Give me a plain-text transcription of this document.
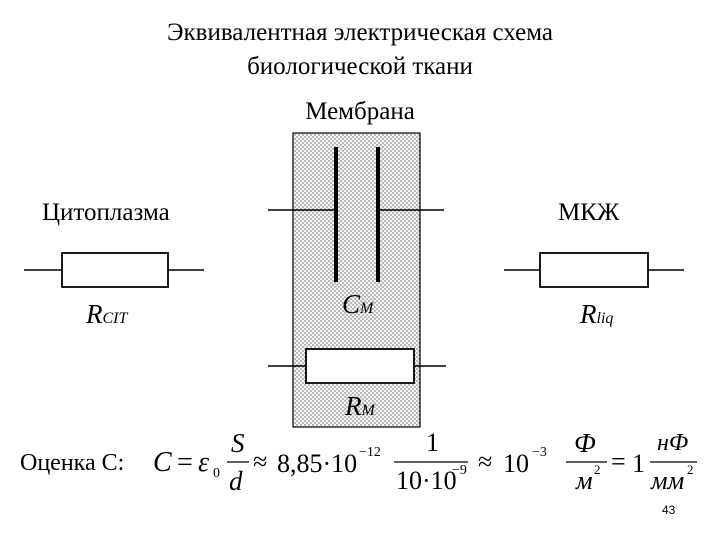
Эквивалентная электрическая схема
биологической ткани
Мембрана
Цитоплазма	МКЖ
RCIT	Rliq
CM
RM
Оценка C: C = ε 0
S
d
≈ 8,85·10 −12 1
10·10
−9 ≈ 10 −3 Ф
м 2 = 1
нФ
мм 2
43
